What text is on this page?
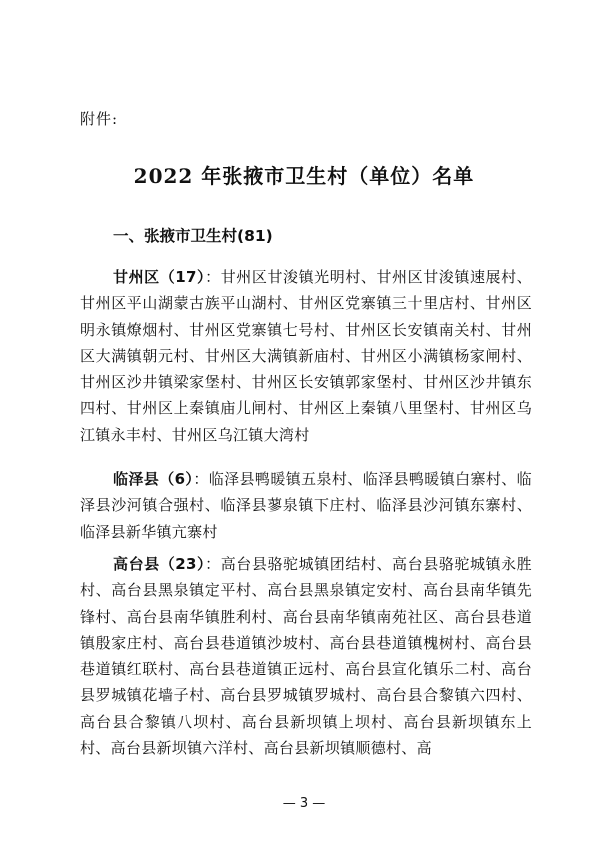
附件:
2022 年张掖市卫生村（单位）名单
一、张掖市卫生村(81)

甘州区（17）：甘州区甘浚镇光明村、甘州区甘浚镇速展村、甘州区平山湖蒙古族平山湖村、甘州区党寨镇三十里店村、甘州区明永镇燎烟村、甘州区党寨镇七号村、甘州区长安镇南关村、甘州区大满镇朝元村、甘州区大满镇新庙村、甘州区小满镇杨家闸村、甘州区沙井镇梁家堡村、甘州区长安镇郭家堡村、甘州区沙井镇东四村、甘州区上秦镇庙儿闸村、甘州区上秦镇八里堡村、甘州区乌江镇永丰村、甘州区乌江镇大湾村

临泽县（6）：临泽县鸭暖镇五泉村、临泽县鸭暖镇白寨村、临泽县沙河镇合强村、临泽县蓼泉镇下庄村、临泽县沙河镇东寨村、临泽县新华镇亢寨村

高台县（23）：高台县骆驼城镇团结村、高台县骆驼城镇永胜村、高台县黑泉镇定平村、高台县黑泉镇定安村、高台县南华镇先锋村、高台县南华镇胜利村、高台县南华镇南苑社区、高台县巷道镇殷家庄村、高台县巷道镇沙坡村、高台县巷道镇槐树村、高台县巷道镇红联村、高台县巷道镇正远村、高台县宣化镇乐二村、高台县罗城镇花墙子村、高台县罗城镇罗城村、高台县合黎镇六四村、高台县合黎镇八坝村、高台县新坝镇上坝村、高台县新坝镇东上村、高台县新坝镇六洋村、高台县新坝镇顺德村、高

— 3 —
